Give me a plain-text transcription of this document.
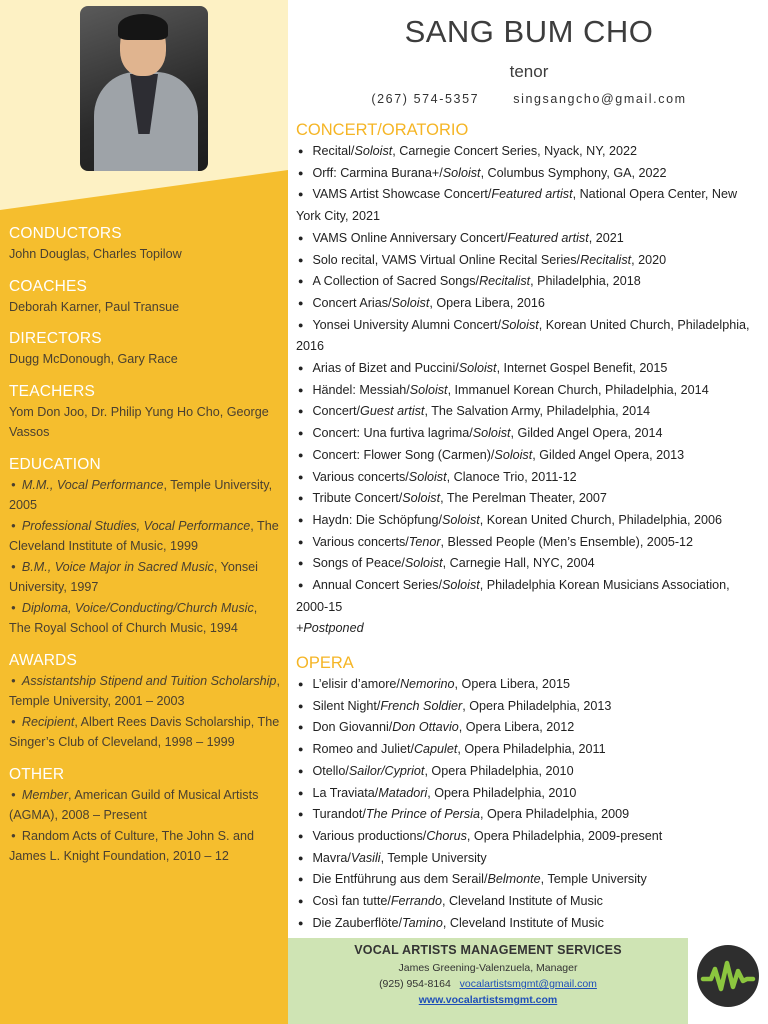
CONDUCTORS
John Douglas, Charles Topilow
COACHES
Deborah Karner, Paul Transue
DIRECTORS
Dugg McDonough, Gary Race
TEACHERS
Yom Don Joo, Dr. Philip Yung Ho Cho, George Vassos
EDUCATION
● M.M., Vocal Performance, Temple University, 2005
● Professional Studies, Vocal Performance, The Cleveland Institute of Music, 1999
● B.M., Voice Major in Sacred Music, Yonsei University, 1997
● Diploma, Voice/Conducting/Church Music, The Royal School of Church Music, 1994
AWARDS
● Assistantship Stipend and Tuition Scholarship, Temple University, 2001 – 2003
● Recipient, Albert Rees Davis Scholarship, The Singer’s Club of Cleveland, 1998 – 1999
OTHER
● Member, American Guild of Musical Artists (AGMA), 2008 – Present
● Random Acts of Culture, The John S. and James L. Knight Foundation, 2010 – 12
SANG BUM CHO
tenor
(267) 574-5357	singsangcho@gmail.com
CONCERT/ORATORIO
● Recital/Soloist, Carnegie Concert Series, Nyack, NY, 2022
● Orff: Carmina Burana+/Soloist, Columbus Symphony, GA, 2022
● VAMS Artist Showcase Concert/Featured artist, National Opera Center, New York City, 2021
● VAMS Online Anniversary Concert/Featured artist, 2021
● Solo recital, VAMS Virtual Online Recital Series/Recitalist, 2020
● A Collection of Sacred Songs/Recitalist, Philadelphia, 2018
● Concert Arias/Soloist, Opera Libera, 2016
● Yonsei University Alumni Concert/Soloist, Korean United Church, Philadelphia, 2016
● Arias of Bizet and Puccini/Soloist, Internet Gospel Benefit, 2015
● Händel: Messiah/Soloist, Immanuel Korean Church, Philadelphia, 2014
● Concert/Guest artist, The Salvation Army, Philadelphia, 2014
● Concert: Una furtiva lagrima/Soloist, Gilded Angel Opera, 2014
● Concert: Flower Song (Carmen)/Soloist, Gilded Angel Opera, 2013
● Various concerts/Soloist, Clanoce Trio, 2011-12
● Tribute Concert/Soloist, The Perelman Theater, 2007
● Haydn: Die Schöpfung/Soloist, Korean United Church, Philadelphia, 2006
● Various concerts/Tenor, Blessed People (Men’s Ensemble), 2005-12
● Songs of Peace/Soloist, Carnegie Hall, NYC, 2004
● Annual Concert Series/Soloist, Philadelphia Korean Musicians Association, 2000-15
+Postponed
OPERA
● L’elisir d’amore/Nemorino, Opera Libera, 2015
● Silent Night/French Soldier, Opera Philadelphia, 2013
● Don Giovanni/Don Ottavio, Opera Libera, 2012
● Romeo and Juliet/Capulet, Opera Philadelphia, 2011
● Otello/Sailor/Cypriot, Opera Philadelphia, 2010
● La Traviata/Matadori, Opera Philadelphia, 2010
● Turandot/The Prince of Persia, Opera Philadelphia, 2009
● Various productions/Chorus, Opera Philadelphia, 2009-present
● Mavra/Vasili, Temple University
● Die Entführung aus dem Serail/Belmonte, Temple University
● Così fan tutte/Ferrando, Cleveland Institute of Music
● Die Zauberflöte/Tamino, Cleveland Institute of Music
VOCAL ARTISTS MANAGEMENT SERVICES
James Greening-Valenzuela, Manager
(925) 954-8164 vocalartistsmgmt@gmail.com
www.vocalartistsmgmt.com
